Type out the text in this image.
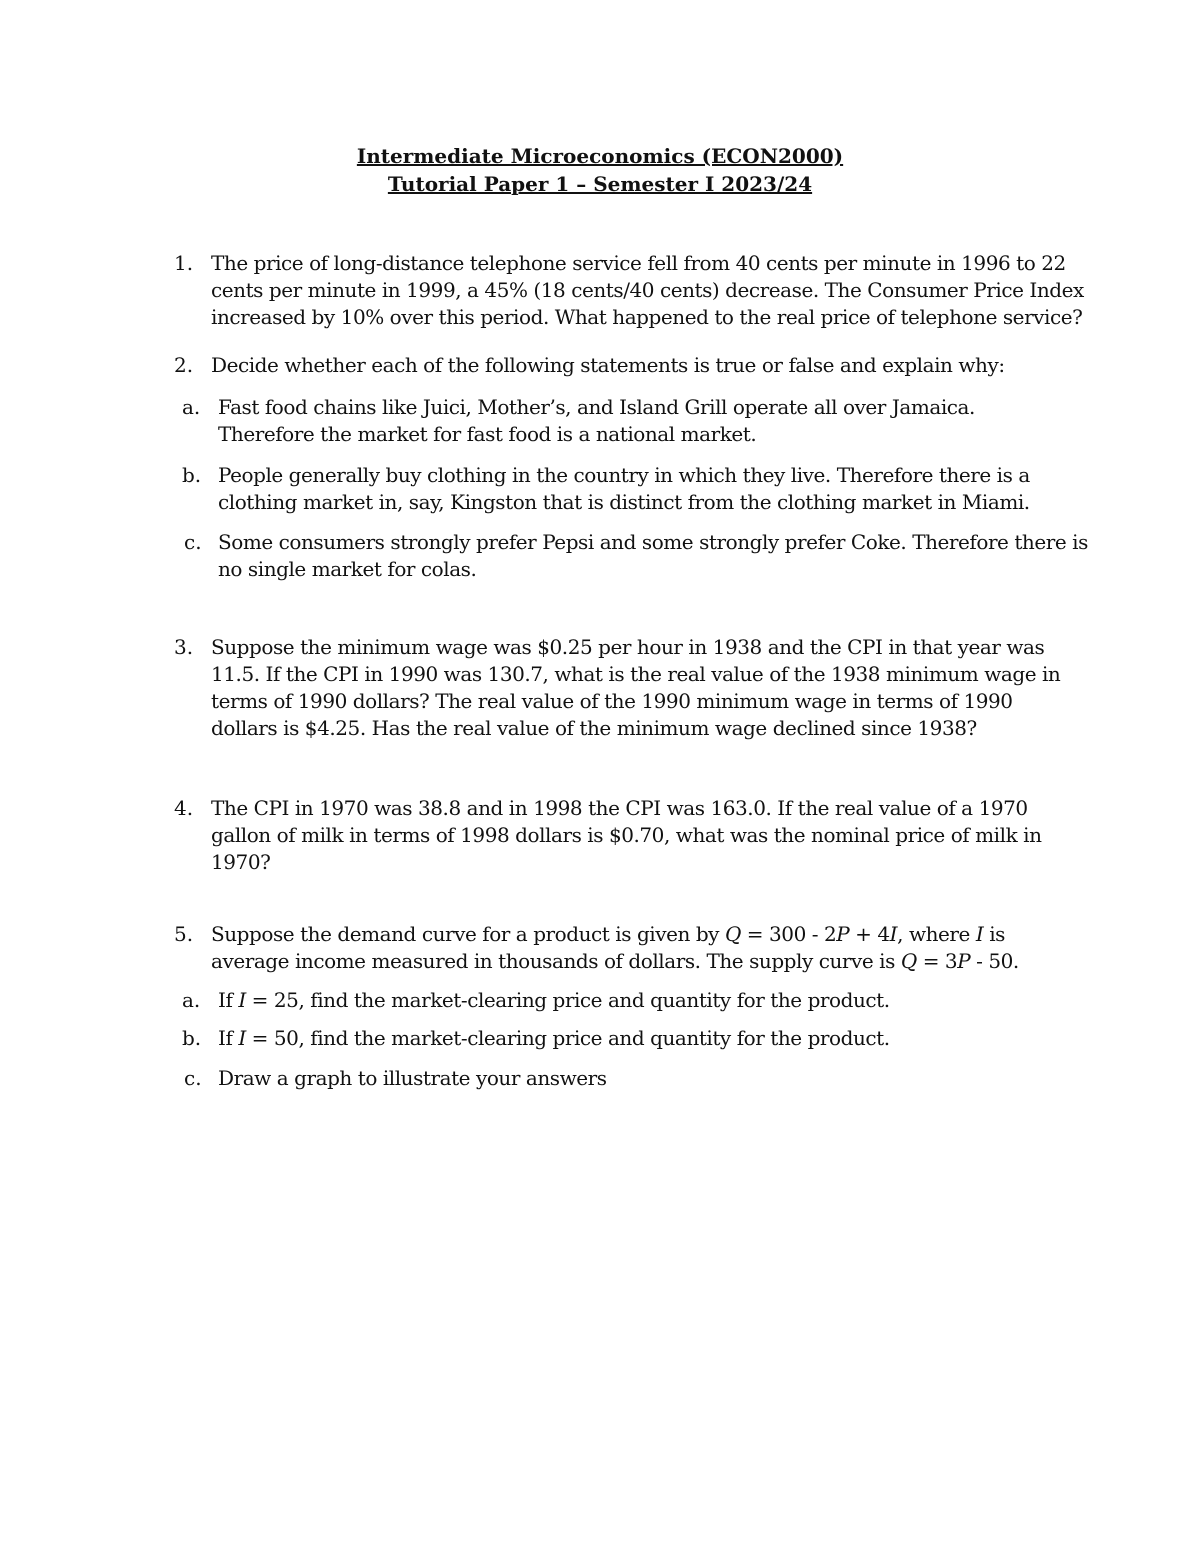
Intermediate Microeconomics (ECON2000)
Tutorial Paper 1 – Semester I 2023/24
1. The price of long-distance telephone service fell from 40 cents per minute in 1996 to 22
cents per minute in 1999, a 45% (18 cents/40 cents) decrease. The Consumer Price Index
increased by 10% over this period. What happened to the real price of telephone service?
2. Decide whether each of the following statements is true or false and explain why:
a. Fast food chains like Juici, Mother’s, and Island Grill operate all over Jamaica.
Therefore the market for fast food is a national market.
b. People generally buy clothing in the country in which they live. Therefore there is a
clothing market in, say, Kingston that is distinct from the clothing market in Miami.
c. Some consumers strongly prefer Pepsi and some strongly prefer Coke. Therefore there is
no single market for colas.
3. Suppose the minimum wage was $0.25 per hour in 1938 and the CPI in that year was
11.5. If the CPI in 1990 was 130.7, what is the real value of the 1938 minimum wage in
terms of 1990 dollars? The real value of the 1990 minimum wage in terms of 1990
dollars is $4.25. Has the real value of the minimum wage declined since 1938?
4. The CPI in 1970 was 38.8 and in 1998 the CPI was 163.0. If the real value of a 1970
gallon of milk in terms of 1998 dollars is $0.70, what was the nominal price of milk in
1970?
5. Suppose the demand curve for a product is given by Q = 300 - 2P + 4I, where I is
average income measured in thousands of dollars. The supply curve is Q = 3P - 50.
a. If I = 25, find the market-clearing price and quantity for the product.
b. If I = 50, find the market-clearing price and quantity for the product.
c. Draw a graph to illustrate your answers
